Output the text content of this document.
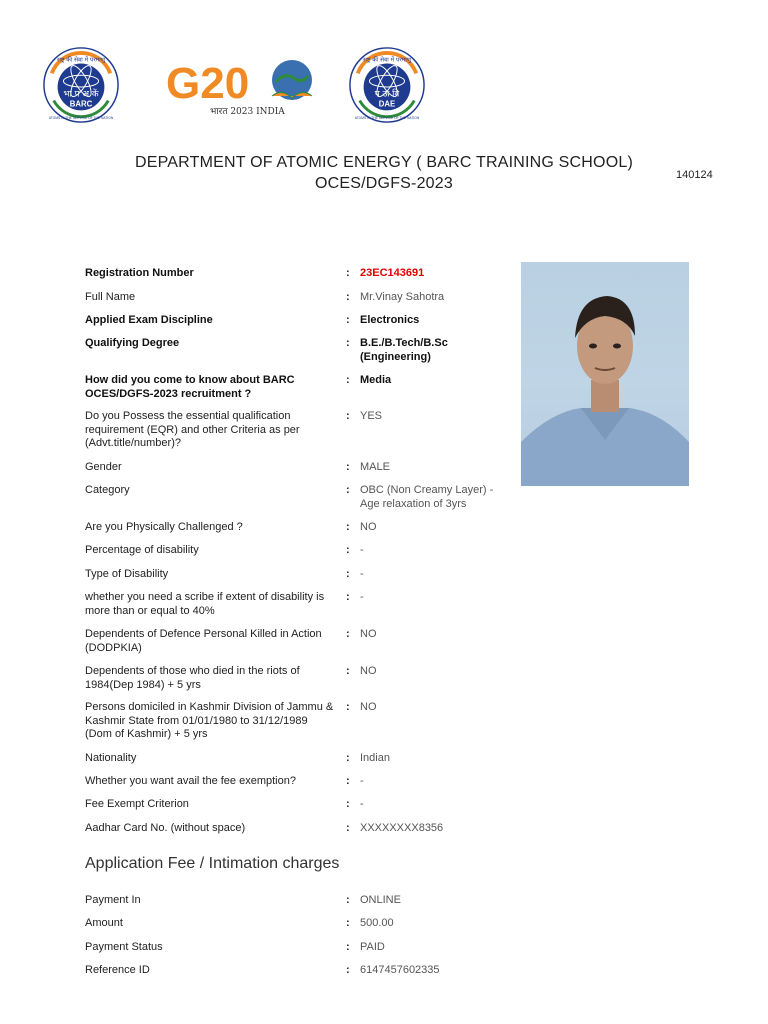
राष्ट्र की सेवा में परमाणु
भा प अ कें
BARC
ATOMS IN THE SERVICE OF THE NATION
G20
भारत 2023 INDIA
राष्ट्र की सेवा में परमाणु
प ऊ वि
DAE
ATOMS IN THE SERVICE OF THE NATION
DEPARTMENT OF ATOMIC ENERGY ( BARC TRAINING SCHOOL)
OCES/DGFS-2023	140124
Registration Number	: 23EC143691
Full Name	: Mr.Vinay Sahotra
Applied Exam Discipline	: Electronics
Qualifying Degree	: B.E./B.Tech/B.Sc (Engineering)
How did you come to know about BARC OCES/DGFS-2023 recruitment ?
: Media
Do you Possess the essential qualification requirement (EQR) and other Criteria as per (Advt.title/number)?
: YES
Gender	: MALE
Category	: OBC (Non Creamy Layer) - Age relaxation of 3yrs
Are you Physically Challenged ?	: NO
Percentage of disability	: -
Type of Disability	: -
whether you need a scribe if extent of disability is more than or equal to 40%
: -
Dependents of Defence Personal Killed in Action (DODPKIA)
: NO
Dependents of those who died in the riots of 1984(Dep 1984) + 5 yrs
: NO
Persons domiciled in Kashmir Division of Jammu & Kashmir State from 01/01/1980 to 31/12/1989 (Dom of Kashmir) + 5 yrs
: NO
Nationality	: Indian
Whether you want avail the fee exemption?	: -
Fee Exempt Criterion	: -
Aadhar Card No. (without space)	: XXXXXXXX8356
Application Fee / Intimation charges
Payment In	: ONLINE
Amount	: 500.00
Payment Status	: PAID
Reference ID	: 6147457602335
